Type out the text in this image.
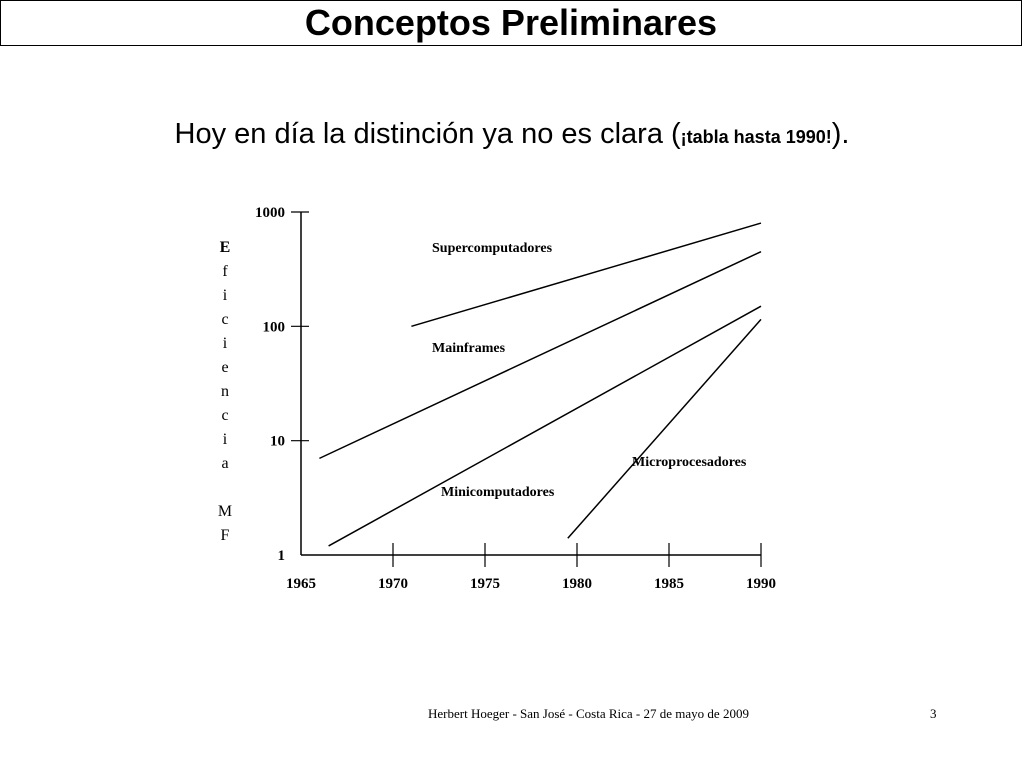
Conceptos Preliminares
Hoy en día la distinción ya no es clara (¡tabla hasta 1990!).
1
10
100
1000
1965	1970	1975	1980	1985	1990
E
f
i
c
i
e
n
c
i
a
M
F
Supercomputadores
Mainframes
Minicomputadores
Microprocesadores
Herbert Hoeger - San José - Costa Rica - 27 de mayo de 2009	3
